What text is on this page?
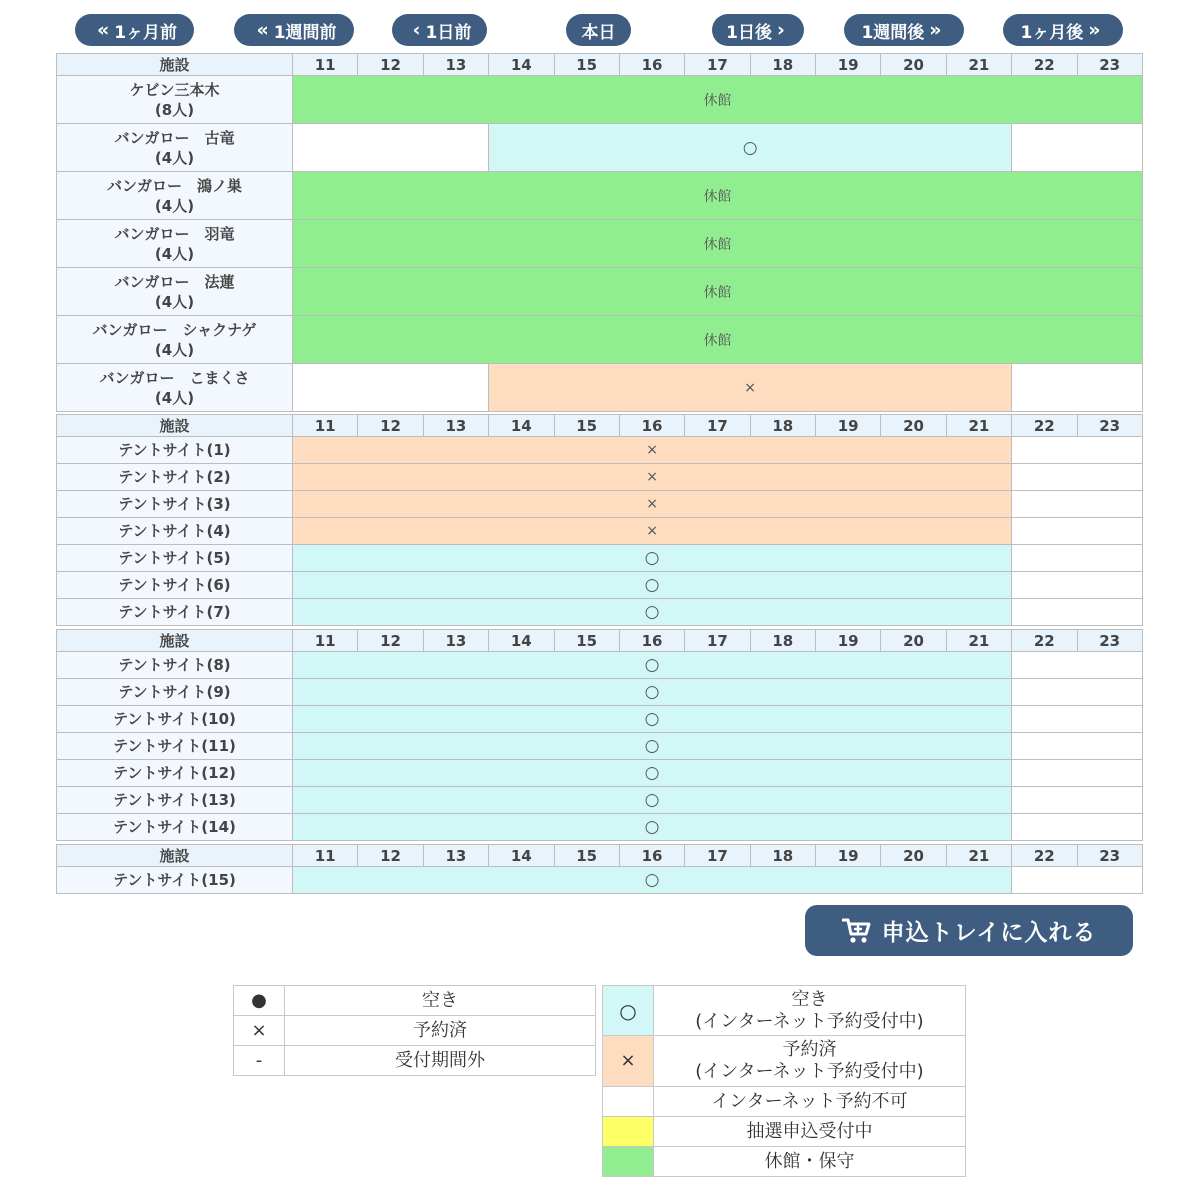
« 1ヶ月前	« 1週間前	‹ 1日前	本日	1日後 ›	1週間後 »	1ヶ月後 »
施設	11	12	13	14	15	16	17	18	19	20	21	22	23

ケビン三本木
(8人)	休館												

バンガロー　古竜
(4人)				○									

バンガロー　鴻ノ巣
(4人)	休館												

バンガロー　羽竜
(4人)	休館												

バンガロー　法蓮
(4人)	休館												

バンガロー　シャクナゲ
(4人)	休館												

バンガロー　こまくさ
(4人)				×									
施設	11	12	13	14	15	16	17	18	19	20	21	22	23

テントサイト(1)	×												

テントサイト(2)	×												

テントサイト(3)	×												

テントサイト(4)	×												

テントサイト(5)	○												

テントサイト(6)	○												

テントサイト(7)	○												
施設	11	12	13	14	15	16	17	18	19	20	21	22	23

テントサイト(8)	○												

テントサイト(9)	○												

テントサイト(10)	○												

テントサイト(11)	○												

テントサイト(12)	○												

テントサイト(13)	○												

テントサイト(14)	○												
施設	11	12	13	14	15	16	17	18	19	20	21	22	23

テントサイト(15)	○												
申込トレイに入れる
●	空き
×	予約済
-	受付期間外
○	空き
(インターネット予約受付中)

×	予約済
(インターネット予約受付中)

	インターネット予約不可
	抽選申込受付中
	休館・保守
